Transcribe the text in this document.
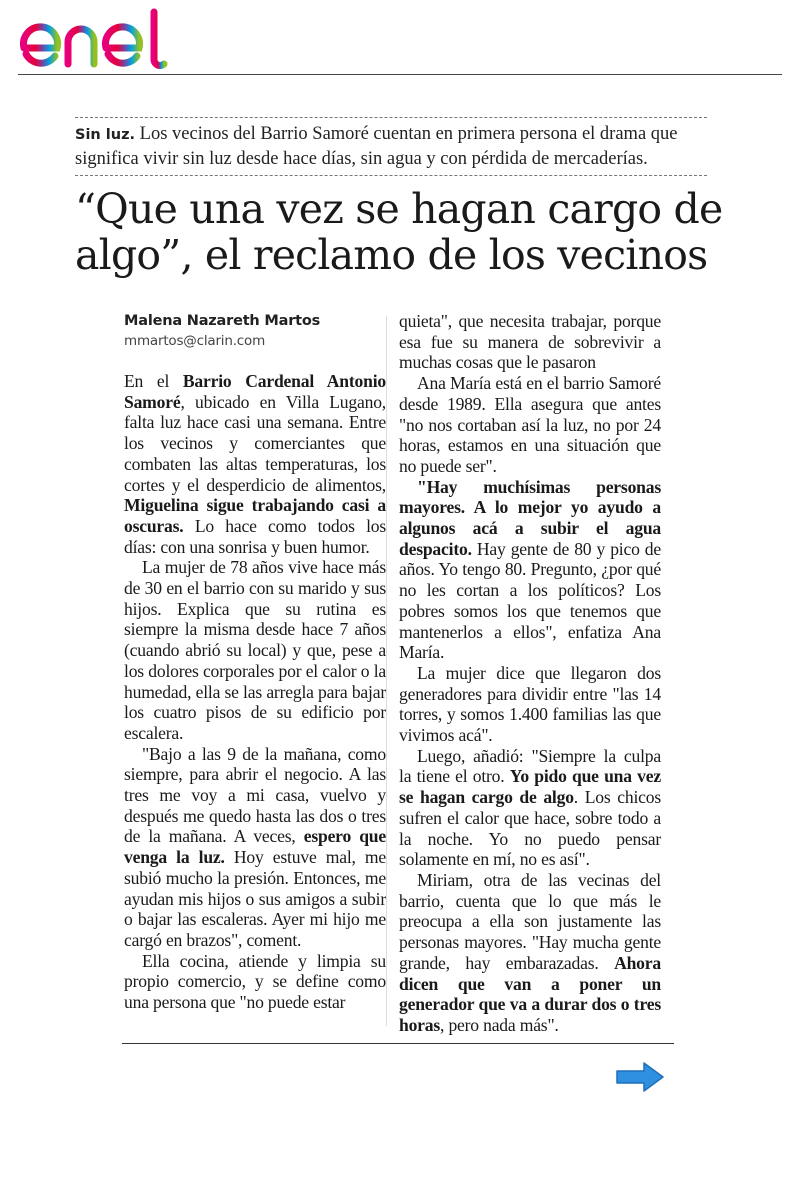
Sin luz. Los vecinos del Barrio Samoré cuentan en primera persona el drama que significa vivir sin luz desde hace días, sin agua y con pérdida de mercaderías.
“Que una vez se hagan cargo de algo”, el reclamo de los vecinos
Malena Nazareth Martos
mmartos@clarin.com

En el Barrio Cardenal Antonio Samoré, ubicado en Villa Lugano, falta luz hace casi una semana. Entre los vecinos y comerciantes que combaten las altas temperaturas, los cortes y el desperdicio de alimentos, Miguelina sigue trabajando casi a oscuras. Lo hace como todos los días: con una sonrisa y buen humor.

La mujer de 78 años vive hace más de 30 en el barrio con su marido y sus hijos. Explica que su rutina es siempre la misma desde hace 7 años (cuando abrió su local) y que, pese a los dolores corporales por el calor o la humedad, ella se las arregla para bajar los cuatro pisos de su edificio por escalera.

"Bajo a las 9 de la mañana, como siempre, para abrir el negocio. A las tres me voy a mi casa, vuelvo y después me quedo hasta las dos o tres de la mañana. A veces, espero que venga la luz. Hoy estuve mal, me subió mucho la presión. Entonces, me ayudan mis hijos o sus amigos a subir o bajar las escaleras. Ayer mi hijo me cargó en brazos", coment.

Ella cocina, atiende y limpia su propio comercio, y se define como una persona que "no puede estar

quieta", que necesita trabajar, porque esa fue su manera de sobrevivir a muchas cosas que le pasaron

Ana María está en el barrio Samoré desde 1989. Ella asegura que antes "no nos cortaban así la luz, no por 24 horas, estamos en una situación que no puede ser".

"Hay muchísimas personas mayores. A lo mejor yo ayudo a algunos acá a subir el agua despacito. Hay gente de 80 y pico de años. Yo tengo 80. Pregunto, ¿por qué no les cortan a los políticos? Los pobres somos los que tenemos que mantenerlos a ellos", enfatiza Ana María.

La mujer dice que llegaron dos generadores para dividir entre "las 14 torres, y somos 1.400 familias las que vivimos acá".

Luego, añadió: "Siempre la culpa la tiene el otro. Yo pido que una vez se hagan cargo de algo. Los chicos sufren el calor que hace, sobre todo a la noche. Yo no puedo pensar solamente en mí, no es así".

Miriam, otra de las vecinas del barrio, cuenta que lo que más le preocupa a ella son justamente las personas mayores. "Hay mucha gente grande, hay embarazadas. Ahora dicen que van a poner un generador que va a durar dos o tres horas, pero nada más".
